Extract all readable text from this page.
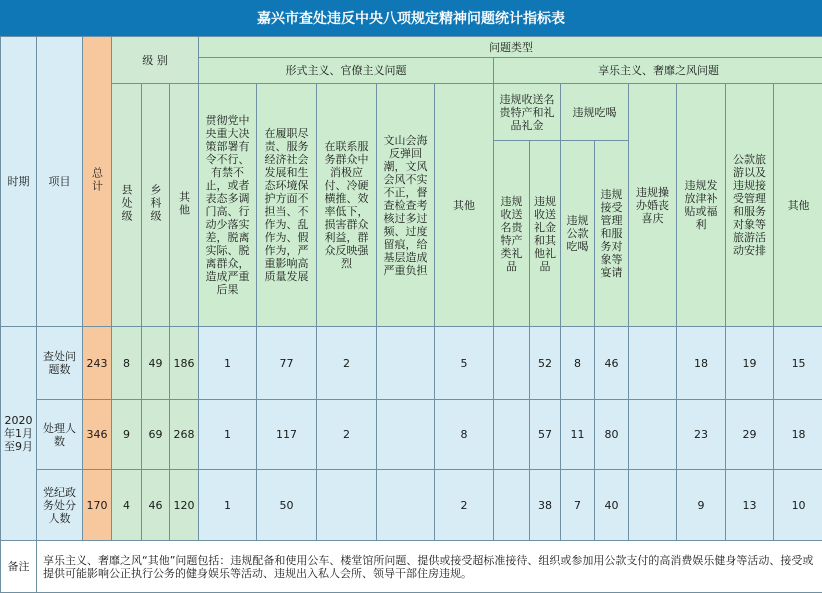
嘉兴市查处违反中央八项规定精神问题统计指标表
时期	项目	总计	级 别			问题类型												
						形式主义、官僚主义问题					享乐主义、奢靡之风问题							
			县处级	乡科级	其他	贯彻党中央重大决策部署有令不行、有禁不止，或者表态多调门高、行动少落实差，脱离实际、脱离群众，造成严重后果	在履职尽责、服务经济社会发展和生态环境保护方面不担当、不作为、乱作为、假作为，严重影响高质量发展	在联系服务群众中消极应付、冷硬横推、效率低下，损害群众利益，群众反映强烈	文山会海反弹回潮，文风会风不实不正，督查检查考核过多过频、过度留痕，给基层造成严重负担	其他	违规收送名贵特产和礼品礼金		违规吃喝		违规操办婚丧喜庆	违规发放津补贴或福利	公款旅游以及违规接受管理和服务对象等旅游活动安排	其他

											违规收送名贵特产类礼品	违规收送礼金和其他礼品	违规公款吃喝	违规接受管理和服务对象等宴请				

2020年1月至9月	查处问题数	243	8	49	186	1	77	2		5		52	8	46		18	19	15

	处理人数	346	9	69	268	1	117	2		8		57	11	80		23	29	18

	党纪政务处分人数	170	4	46	120	1	50			2		38	7	40		9	13	10
备注	享乐主义、奢靡之风“其他”问题包括：违规配备和使用公车、楼堂馆所问题、提供或接受超标准接待、组织或参加用公款支付的高消费娱乐健身等活动、接受或提供可能影响公正执行公务的健身娱乐等活动、违规出入私人会所、领导干部住房违规。																	
